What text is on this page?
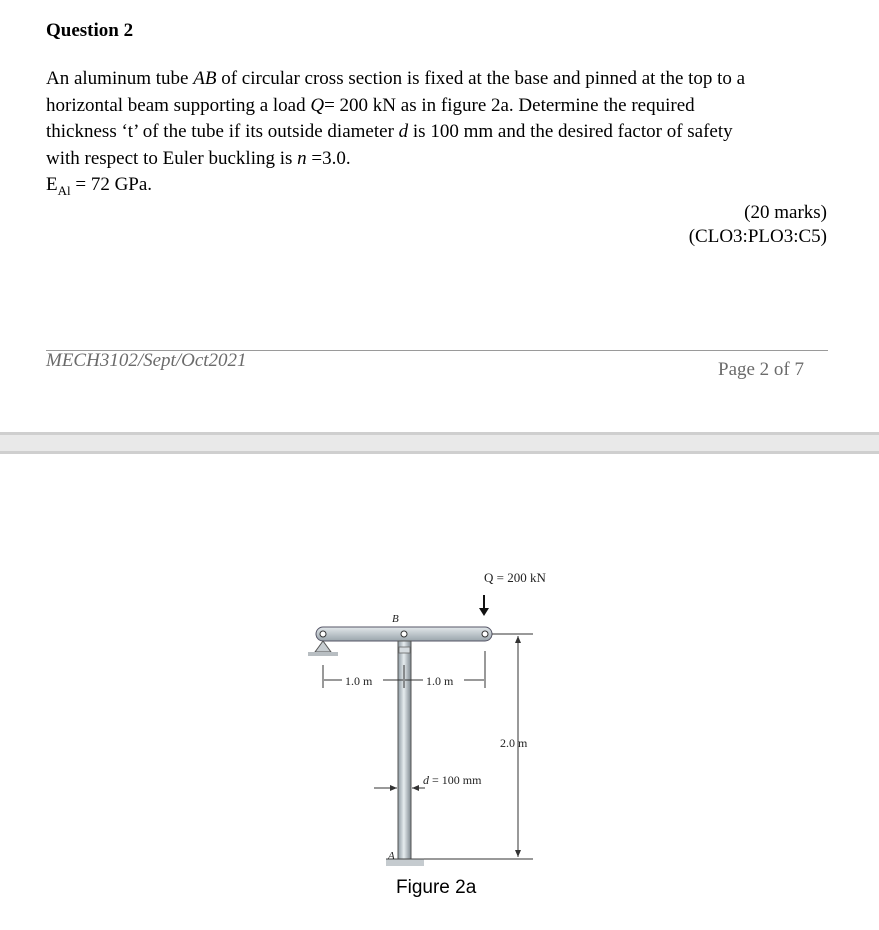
Question 2

An aluminum tube AB of circular cross section is fixed at the base and pinned at the top to a

horizontal beam supporting a load Q= 200 kN as in figure 2a. Determine the required

thickness ‘t’ of the tube if its outside diameter d is 100 mm and the desired factor of safety

with respect to Euler buckling is n =3.0.

$E_{Al} = 72$ GPa.

(20 marks)
(CLO3:PLO3:C5)
MECH3102/Sept/Oct2021	Page 2 of 7
Q = 200 kN
B
A
1.0 m	1.0 m
2.0 m
d = 100 mm
Figure 2a
